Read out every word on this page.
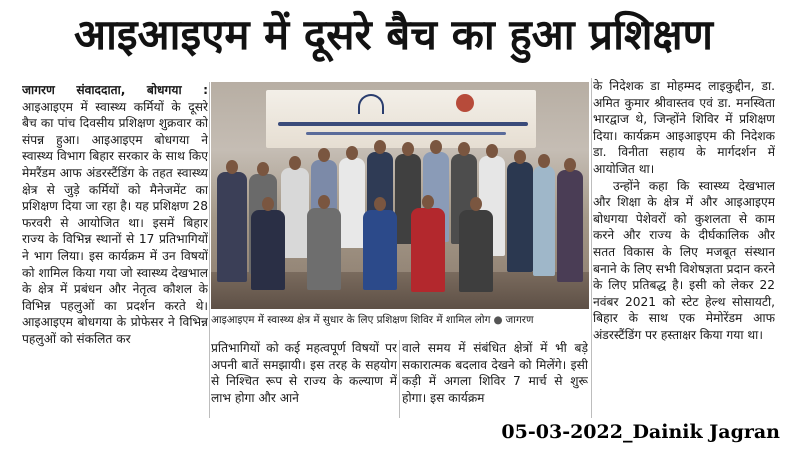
आइआइएम में दूसरे बैच का हुआ प्रशिक्षण

जागरण संवाददाता, बोधगया : आइआइएम में स्वास्थ्य कर्मियों के दूसरे बैच का पांच दिवसीय प्रशिक्षण शुक्रवार को संपन्न हुआ। आइआइएम बोधगया ने स्वास्थ्य विभाग बिहार सरकार के साथ किए मेमरैंडम आफ अंडरस्टैंडिंग के तहत स्वास्थ्य क्षेत्र से जुड़े कर्मियों को मैनेजमेंट का प्रशिक्षण दिया जा रहा है। यह प्रशिक्षण 28 फरवरी से आयोजित था। इसमें बिहार राज्य के विभिन्न स्थानों से 17 प्रतिभागियों ने भाग लिया। इस कार्यक्रम में उन विषयों को शामिल किया गया जो स्वास्थ्य देखभाल के क्षेत्र में प्रबंधन और नेतृत्व कौशल के विभिन्न पहलुओं का प्रदर्शन करते थे। आइआइएम बोधगया के प्रोफेसर ने विभिन्न पहलुओं को संकलित कर

आइआइएम में स्वास्थ्य क्षेत्र में सुधार के लिए प्रशिक्षण शिविर में शामिल लोग ● जागरण

प्रतिभागियों को कई महत्वपूर्ण विषयों पर अपनी बातें समझायी। इस तरह के सहयोग से निश्चित रूप से राज्य के कल्याण में लाभ होगा और आने

वाले समय में संबंधित क्षेत्रों में भी बड़े सकारात्मक बदलाव देखने को मिलेंगे। इसी कड़ी में अगला शिविर 7 मार्च से शुरू होगा। इस कार्यक्रम

के निदेशक डा मोहम्मद लाइकुद्दीन, डा. अमित कुमार श्रीवास्तव एवं डा. मनस्विता भारद्वाज थे, जिन्होंने शिविर में प्रशिक्षण दिया। कार्यक्रम आइआइएम की निदेशक डा. विनीता सहाय के मार्गदर्शन में आयोजित था।

उन्होंने कहा कि स्वास्थ्य देखभाल और शिक्षा के क्षेत्र में और आइआइएम बोधगया पेशेवरों को कुशलता से काम करने और राज्य के दीर्घकालिक और सतत विकास के लिए मजबूत संस्थान बनाने के लिए सभी विशेषज्ञता प्रदान करने के लिए प्रतिबद्ध है। इसी को लेकर 22 नवंबर 2021 को स्टेट हेल्थ सोसायटी, बिहार के साथ एक मेमोरेंडम आफ अंडरस्टैंडिंग पर हस्ताक्षर किया गया था।

05-03-2022_Dainik Jagran
